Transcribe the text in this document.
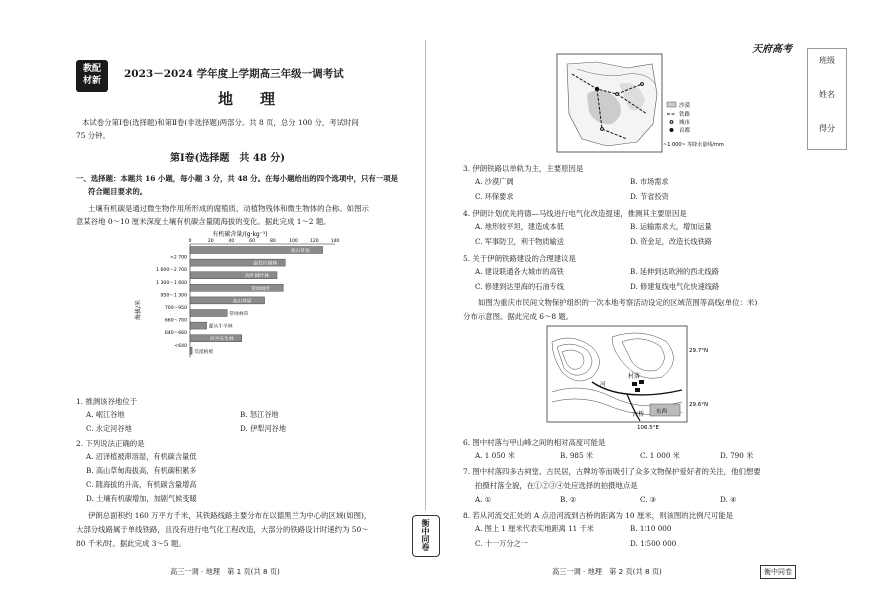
教配
材新
2023－2024 学年度上学期高三年级一调考试
地　理
本试卷分第Ⅰ卷(选择题)和第Ⅱ卷(非选择题)两部分。共 8 页，总分 100 分，考试时间
75 分钟。
第Ⅰ卷(选择题　共 48 分)
一、选择题：本题共 16 小题，每小题 3 分，共 48 分。在每小题给出的四个选项中，只有一项是
符合题目要求的。
土壤有机碳是通过微生物作用所形成的腐殖质、动植物残体和微生物体的合称。如图示
意某谷地 0～10 厘米深度土壤有机碳含量随海拔的变化。据此完成 1～2 题。
有机碳含量/(g·kg⁻¹)
0	20	40	60	80	100	120	140
高山草甸
温性针阔林
高叶阔叶林
常绿阔叶
高山草原
常绿林草
灌丛牛羊林
河谷灰生林
荒漠植被
>2 700
1 600～2 700
1 300～1 600
950～1 300
700～950
660～700
640～660
<640
海拔/米
1. 推测该谷地位于
A. 岷江谷地	B. 怒江谷地
C. 永定河谷地	D. 伊犁河谷地
2. 下列说法正确的是
A. 沼泽植被滞溶湿，有机碳含量低
B. 高山草甸海拔高，有机碳积累多
C. 随海拔的升高，有机碳含量增高
D. 土壤有机碳增加，加剧气候变暖
伊朗总面积约 160 万平方千米，其铁路线路主要分布在以德黑兰为中心的区域(如图)，
大部分线路属于单线铁路，且没有进行电气化工程改造，大部分的铁路设计时速约为 50～
80 千米/时。据此完成 3～5 题。
高三一调 · 地理　第 1 页(共 8 页)
衡中同卷
天府高考
班级
姓名
得分
沙漠
铁路
城市
首都
~1 000~ 等降水量线/mm
3. 伊朗铁路以单轨为主，主要原因是
A. 沙漠广阔	B. 市场需求
C. 环保要求	D. 节省投资
4. 伊朗计划优先将德—马线进行电气化改造提速，推测其主要原因是
A. 地形较平坦，建造成本低	B. 运输需求大，增加运量
C. 军事防卫，利于物质输送	D. 资金足，改造长线铁路
5. 关于伊朗铁路建设的合理建议是
A. 建设联通各大城市的高铁	B. 延伸到达欧洲的西北线路
C. 修建到达里海的石油专线	D. 修建复线电气化快速线路
如图为重庆市民间文物保护组织的一次本地考察活动设定的区域范围等高线(单位：米)
分布示意图。据此完成 6～8 题。
村落
古桥 东西
河
29.7°N
29.6°N
106.5°E
6. 图中村落与甲山峰之间的相对高度可能是
A. 1 050 米	B. 985 米	C. 1 000 米	D. 790 米
7. 图中村落四多古祠堂、古民居，古牌坊等而吸引了众多文物保护爱好者的关注，他们想要
拍摄村落全貌，在①②③④处应选择的拍摄地点是
A. ①	B. ②	C. ③	D. ④
8. 若从河流交汇处的 A 点沿河流到古桥的距离为 10 厘米，则该图的比例尺可能是
A. 图上 1 厘米代表实地距离 11 千米	B. 1∶10 000
C. 十一万分之一	D. 1∶500 000
高三一调 · 地理　第 2 页(共 8 页)	衡中同卷
